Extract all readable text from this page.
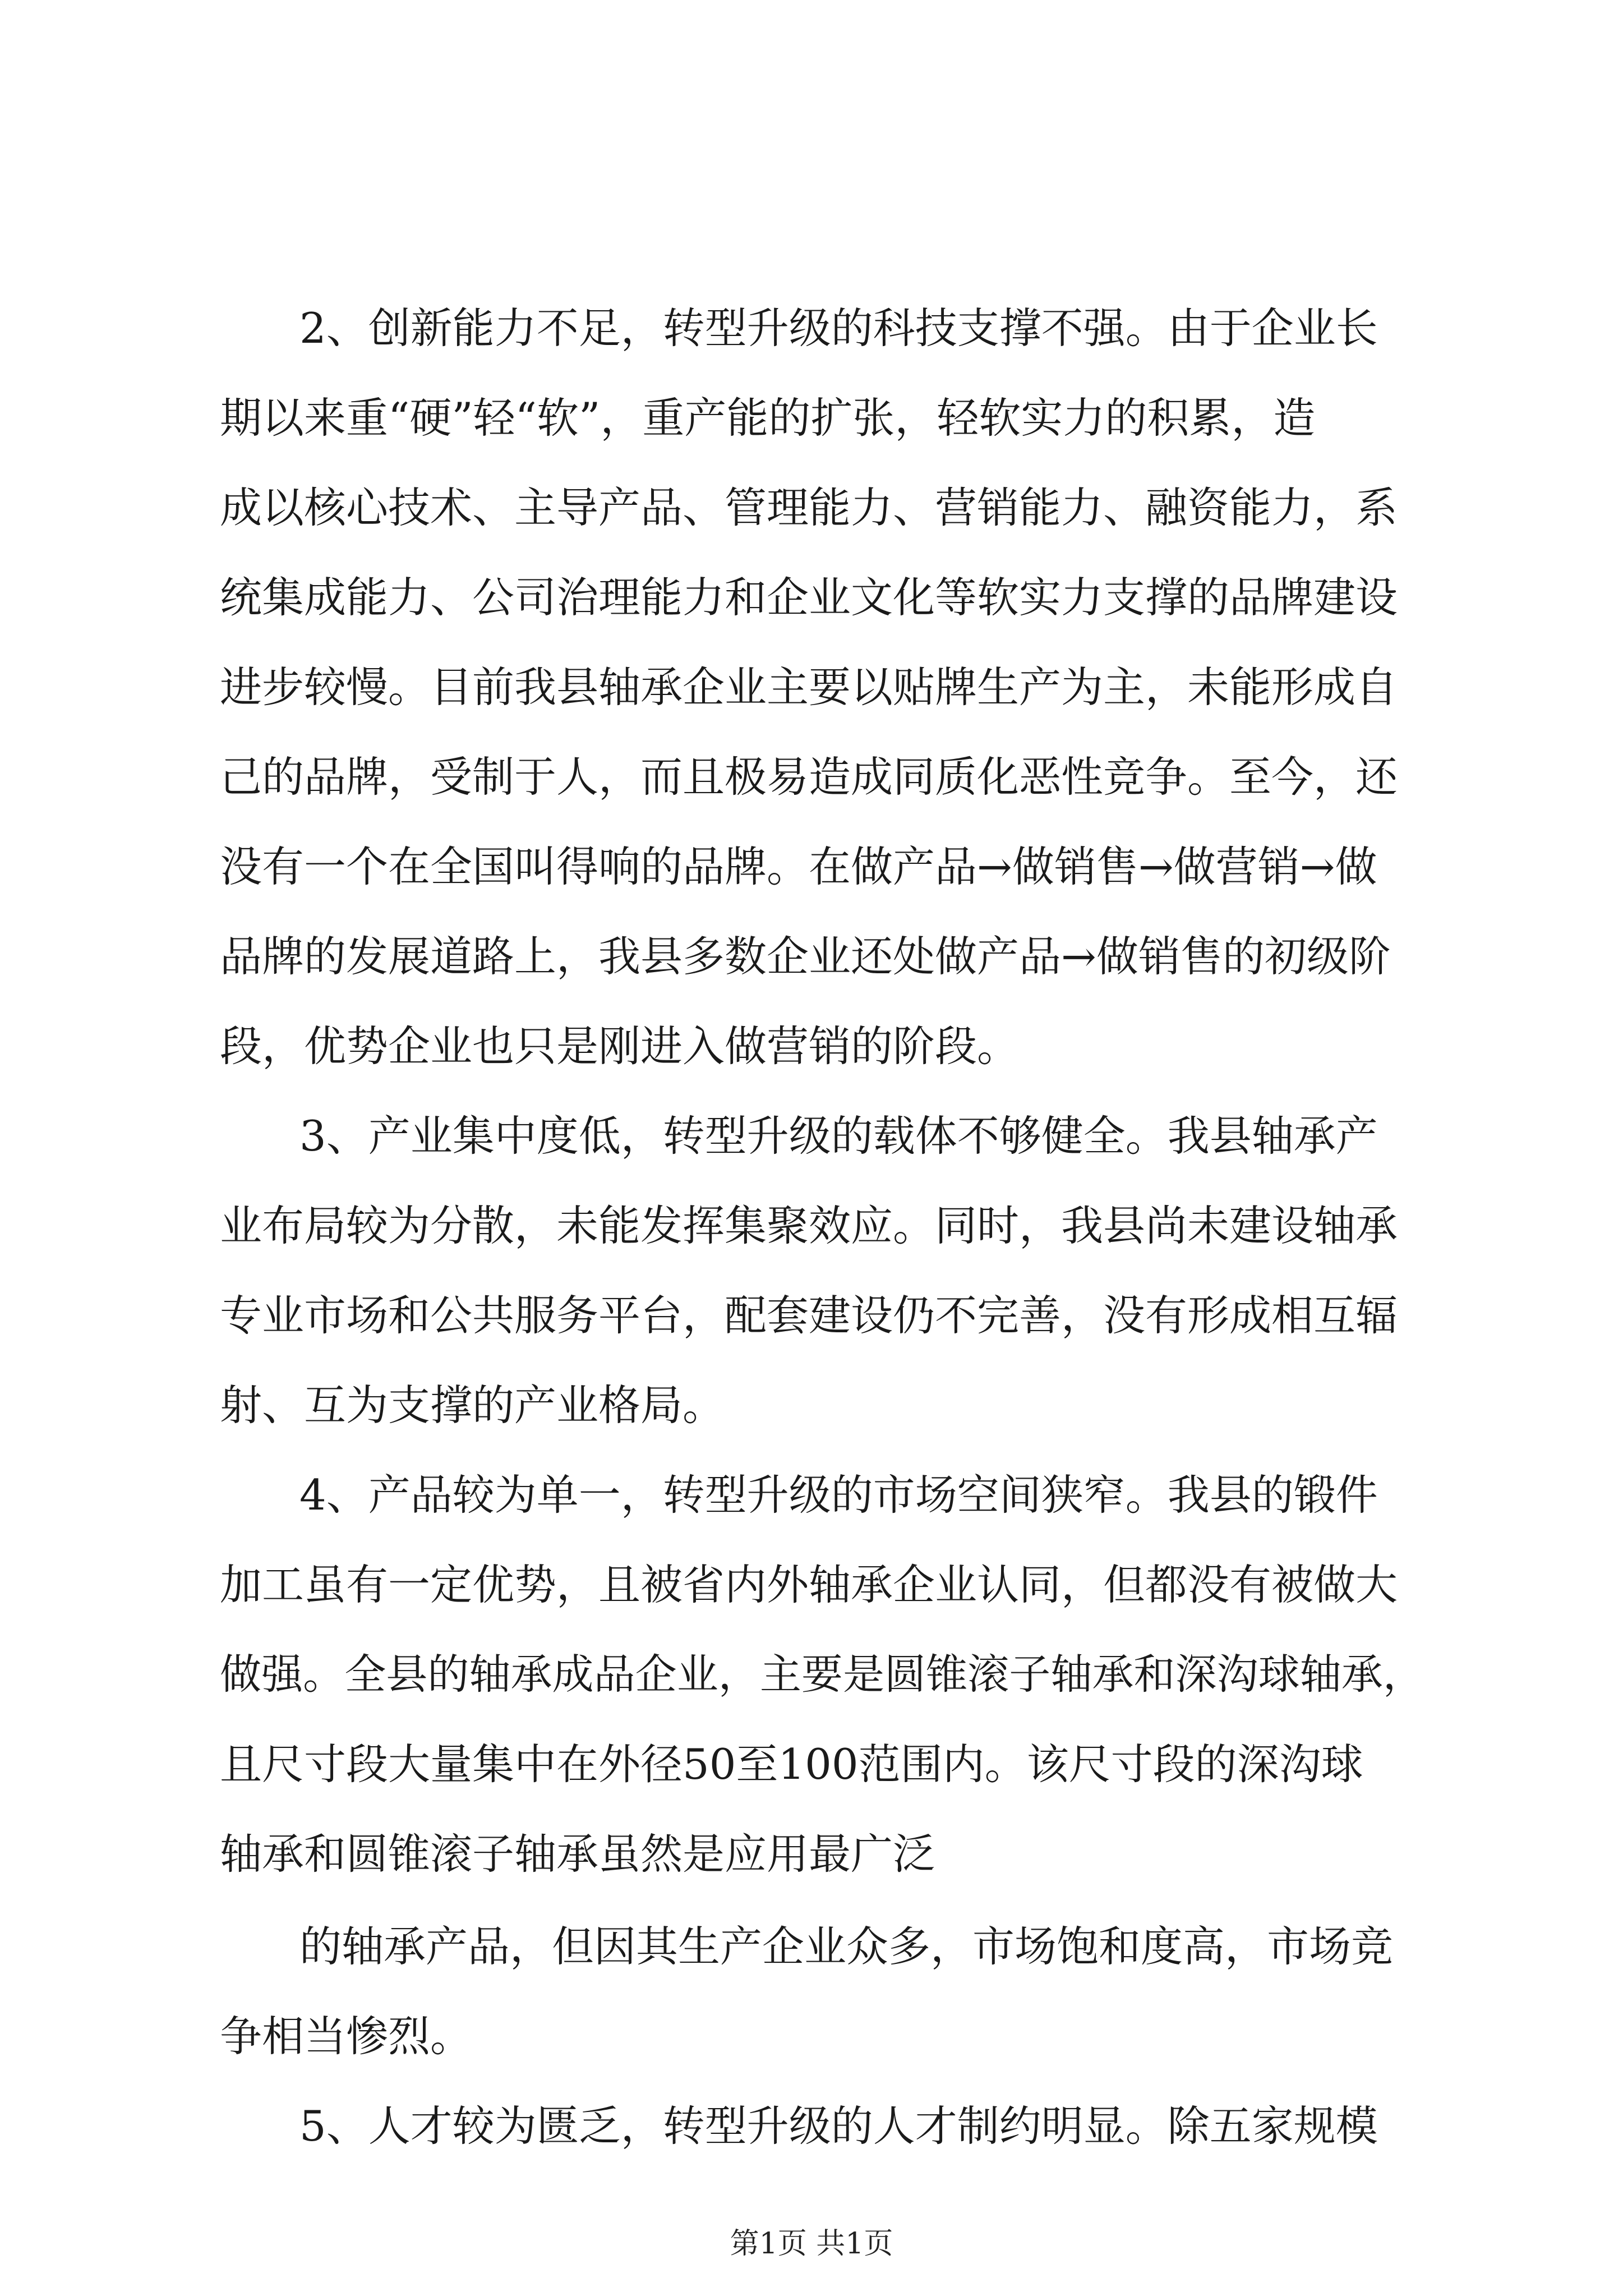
2、创新能力不足，转型升级的科技支撑不强。由于企业长
期以来重“硬”轻“软”，重产能的扩张，轻软实力的积累，造
成以核心技术、主导产品、管理能力、营销能力、融资能力，系
统集成能力、公司治理能力和企业文化等软实力支撑的品牌建设
进步较慢。目前我县轴承企业主要以贴牌生产为主，未能形成自
己的品牌，受制于人，而且极易造成同质化恶性竞争。至今，还
没有一个在全国叫得响的品牌。在做产品→做销售→做营销→做
品牌的发展道路上，我县多数企业还处做产品→做销售的初级阶
段，优势企业也只是刚进入做营销的阶段。
3、产业集中度低，转型升级的载体不够健全。我县轴承产
业布局较为分散，未能发挥集聚效应。同时，我县尚未建设轴承
专业市场和公共服务平台，配套建设仍不完善，没有形成相互辐
射、互为支撑的产业格局。
4、产品较为单一，转型升级的市场空间狭窄。我县的锻件
加工虽有一定优势，且被省内外轴承企业认同，但都没有被做大
做强。全县的轴承成品企业，主要是圆锥滚子轴承和深沟球轴承，
且尺寸段大量集中在外径50至100范围内。该尺寸段的深沟球
轴承和圆锥滚子轴承虽然是应用最广泛
的轴承产品，但因其生产企业众多，市场饱和度高，市场竞
争相当惨烈。
5、人才较为匮乏，转型升级的人才制约明显。除五家规模
第1页 共1页
